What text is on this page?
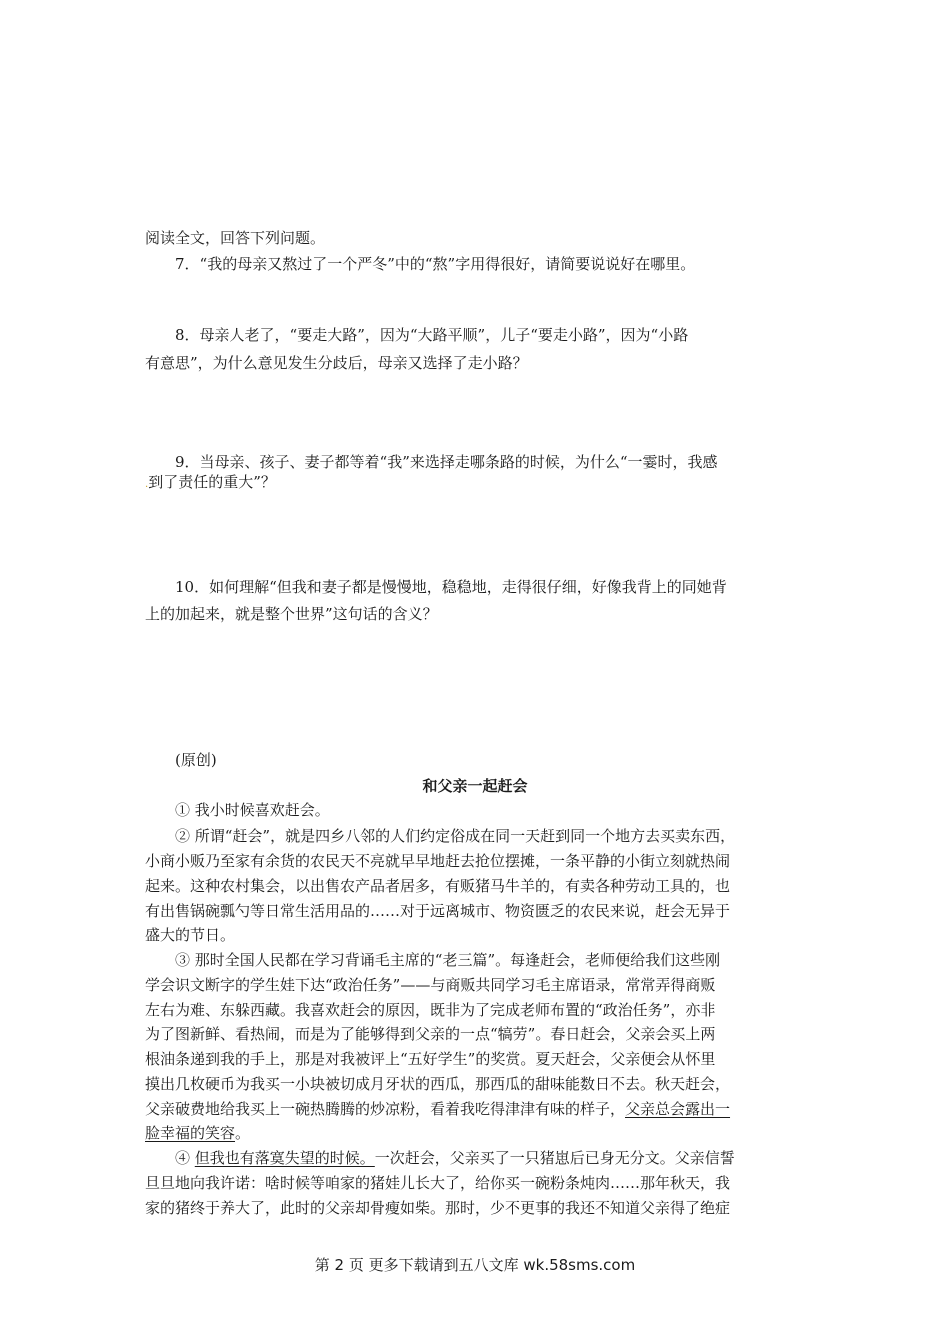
阅读全文，回答下列问题。
7．“我的母亲又熬过了一个严冬”中的“熬”字用得很好，请简要说说好在哪里。
8．母亲人老了，“要走大路”，因为“大路平顺”，儿子“要走小路”，因为“小路
有意思”，为什么意见发生分歧后，母亲又选择了走小路？
9．当母亲、孩子、妻子都等着“我”来选择走哪条路的时候，为什么“一霎时，我感
.到了责任的重大”？
10．如何理解“但我和妻子都是慢慢地，稳稳地，走得很仔细，好像我背上的同她背
上的加起来，就是整个世界”这句话的含义？
(原创)
和父亲一起赶会
① 我小时候喜欢赶会。
② 所谓“赶会”，就是四乡八邻的人们约定俗成在同一天赶到同一个地方去买卖东西，
小商小贩乃至家有余货的农民天不亮就早早地赶去抢位摆摊，一条平静的小街立刻就热闹
起来。这种农村集会，以出售农产品者居多，有贩猪马牛羊的，有卖各种劳动工具的，也
有出售锅碗瓢勺等日常生活用品的……对于远离城市、物资匮乏的农民来说，赶会无异于
盛大的节日。
③ 那时全国人民都在学习背诵毛主席的“老三篇”。每逢赶会，老师便给我们这些刚
学会识文断字的学生娃下达“政治任务”——与商贩共同学习毛主席语录，常常弄得商贩
左右为难、东躲西藏。我喜欢赶会的原因，既非为了完成老师布置的“政治任务”，亦非
为了图新鲜、看热闹，而是为了能够得到父亲的一点“犒劳”。春日赶会，父亲会买上两
根油条递到我的手上，那是对我被评上“五好学生”的奖赏。夏天赶会，父亲便会从怀里
摸出几枚硬币为我买一小块被切成月牙状的西瓜，那西瓜的甜味能数日不去。秋天赶会，
父亲破费地给我买上一碗热腾腾的炒凉粉，看着我吃得津津有味的样子，父亲总会露出一
脸幸福的笑容。
④ 但我也有落寞失望的时候。一次赶会，父亲买了一只猪崽后已身无分文。父亲信誓
旦旦地向我许诺：啥时候等咱家的猪娃儿长大了，给你买一碗粉条炖肉……那年秋天，我
家的猪终于养大了，此时的父亲却骨瘦如柴。那时，少不更事的我还不知道父亲得了绝症
第 2 页 更多下载请到五八文库 wk.58sms.com
